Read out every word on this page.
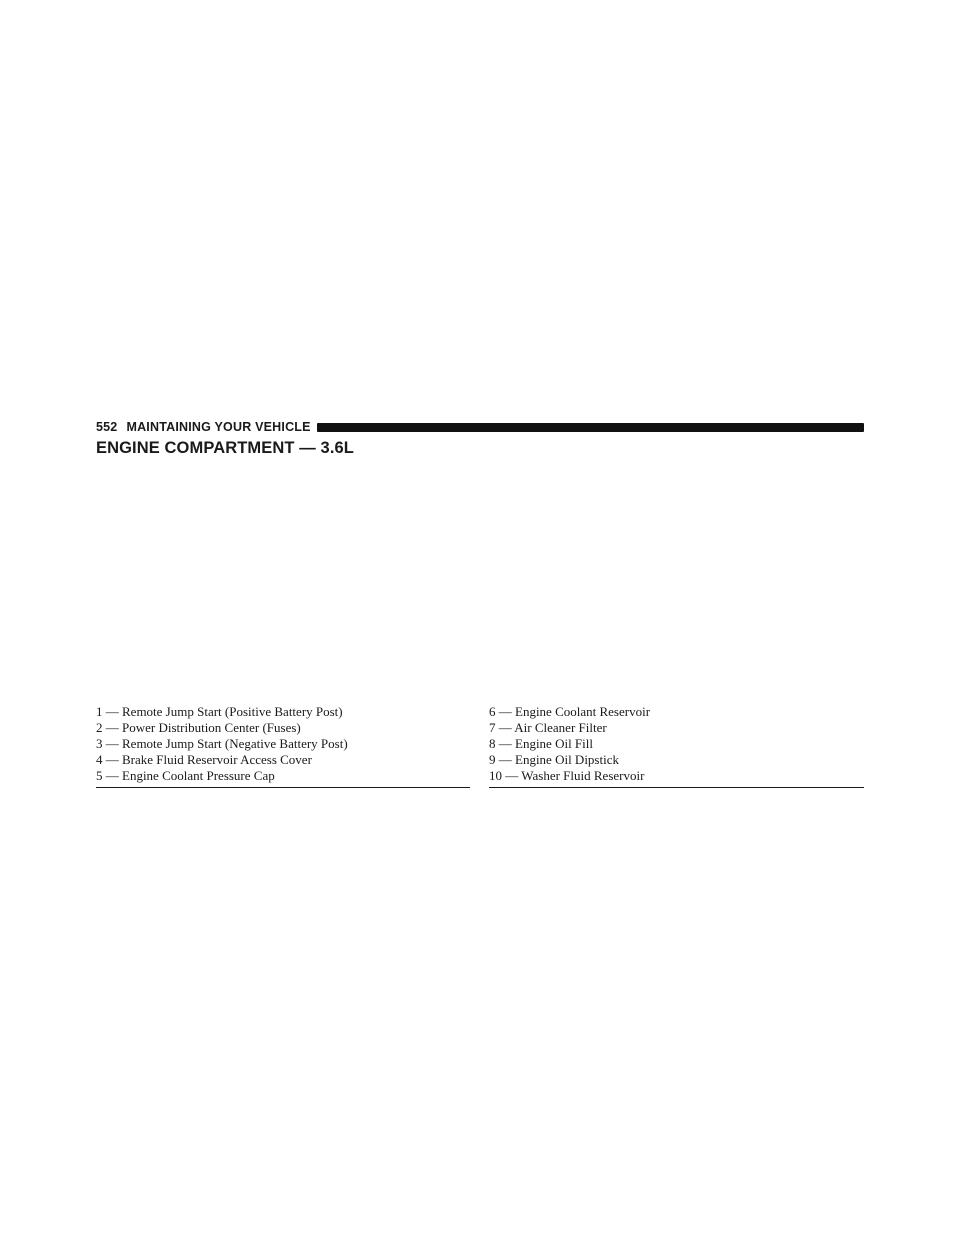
552 MAINTAINING YOUR VEHICLE
ENGINE COMPARTMENT — 3.6L
1 — Remote Jump Start (Positive Battery Post)
2 — Power Distribution Center (Fuses)
3 — Remote Jump Start (Negative Battery Post)
4 — Brake Fluid Reservoir Access Cover
5 — Engine Coolant Pressure Cap
6 — Engine Coolant Reservoir
7 — Air Cleaner Filter
8 — Engine Oil Fill
9 — Engine Oil Dipstick
10 — Washer Fluid Reservoir
